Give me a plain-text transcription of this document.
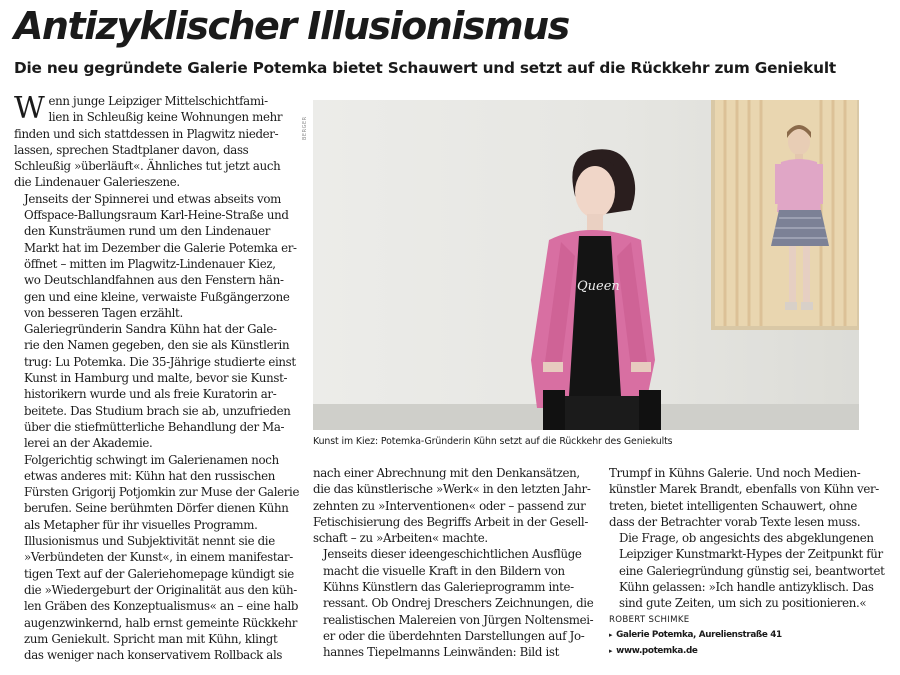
Antizyklischer Illusionismus
Die neu gegründete Galerie Potemka bietet Schauwert und setzt auf die Rückkehr zum Geniekult

W enn junge Leipziger Mittelschichtfami-
lien in Schleußig keine Wohnungen mehr
finden und sich stattdessen in Plagwitz nieder-
lassen, sprechen Stadtplaner davon, dass
Schleußig »überläuft«. Ähnliches tut jetzt auch
die Lindenauer Galerieszene.

Jenseits der Spinnerei und etwas abseits vom
Offspace-Ballungsraum Karl-Heine-Straße und
den Kunsträumen rund um den Lindenauer
Markt hat im Dezember die Galerie Potemka er-
öffnet – mitten im Plagwitz-Lindenauer Kiez,
wo Deutschlandfahnen aus den Fenstern hän-
gen und eine kleine, verwaiste Fußgängerzone
von besseren Tagen erzählt.

Galeriegründerin Sandra Kühn hat der Gale-
rie den Namen gegeben, den sie als Künstlerin
trug: Lu Potemka. Die 35-Jährige studierte einst
Kunst in Hamburg und malte, bevor sie Kunst-
historikern wurde und als freie Kuratorin ar-
beitete. Das Studium brach sie ab, unzufrieden
über die stiefmütterliche Behandlung der Ma-
lerei an der Akademie.

Folgerichtig schwingt im Galerienamen noch
etwas anderes mit: Kühn hat den russischen
Fürsten Grigorij Potjomkin zur Muse der Galerie
berufen. Seine berühmten Dörfer dienen Kühn
als Metapher für ihr visuelles Programm.
Illusionismus und Subjektivität nennt sie die
»Verbündeten der Kunst«, in einem manifestar-
tigen Text auf der Galeriehomepage kündigt sie
die »Wiedergeburt der Originalität aus den küh-
len Gräben des Konzeptualismus« an – eine halb
augenzwinkernd, halb ernst gemeinte Rückkehr
zum Geniekult. Spricht man mit Kühn, klingt
das weniger nach konservativem Rollback als

BERGER
Queen
Kunst im Kiez: Potemka-Gründerin Kühn setzt auf die Rückkehr des Geniekults

nach einer Abrechnung mit den Denkansätzen,
die das künstlerische »Werk« in den letzten Jahr-
zehnten zu »Interventionen« oder – passend zur
Fetischisierung des Begriffs Arbeit in der Gesell-
schaft – zu »Arbeiten« machte.

Jenseits dieser ideengeschichtlichen Ausflüge
macht die visuelle Kraft in den Bildern von
Kühns Künstlern das Galerieprogramm inte-
ressant. Ob Ondrej Dreschers Zeichnungen, die
realistischen Malereien von Jürgen Noltensmei-
er oder die überdehnten Darstellungen auf Jo-
hannes Tiepelmanns Leinwänden: Bild ist

Trumpf in Kühns Galerie. Und noch Medien-
künstler Marek Brandt, ebenfalls von Kühn ver-
treten, bietet intelligenten Schauwert, ohne
dass der Betrachter vorab Texte lesen muss.

Die Frage, ob angesichts des abgeklungenen
Leipziger Kunstmarkt-Hypes der Zeitpunkt für
eine Galeriegründung günstig sei, beantwortet
Kühn gelassen: »Ich handle antizyklisch. Das
sind gute Zeiten, um sich zu positionieren.«

ROBERT SCHIMKE
▸ Galerie Potemka, Aurelienstraße 41
▸ www.potemka.de
